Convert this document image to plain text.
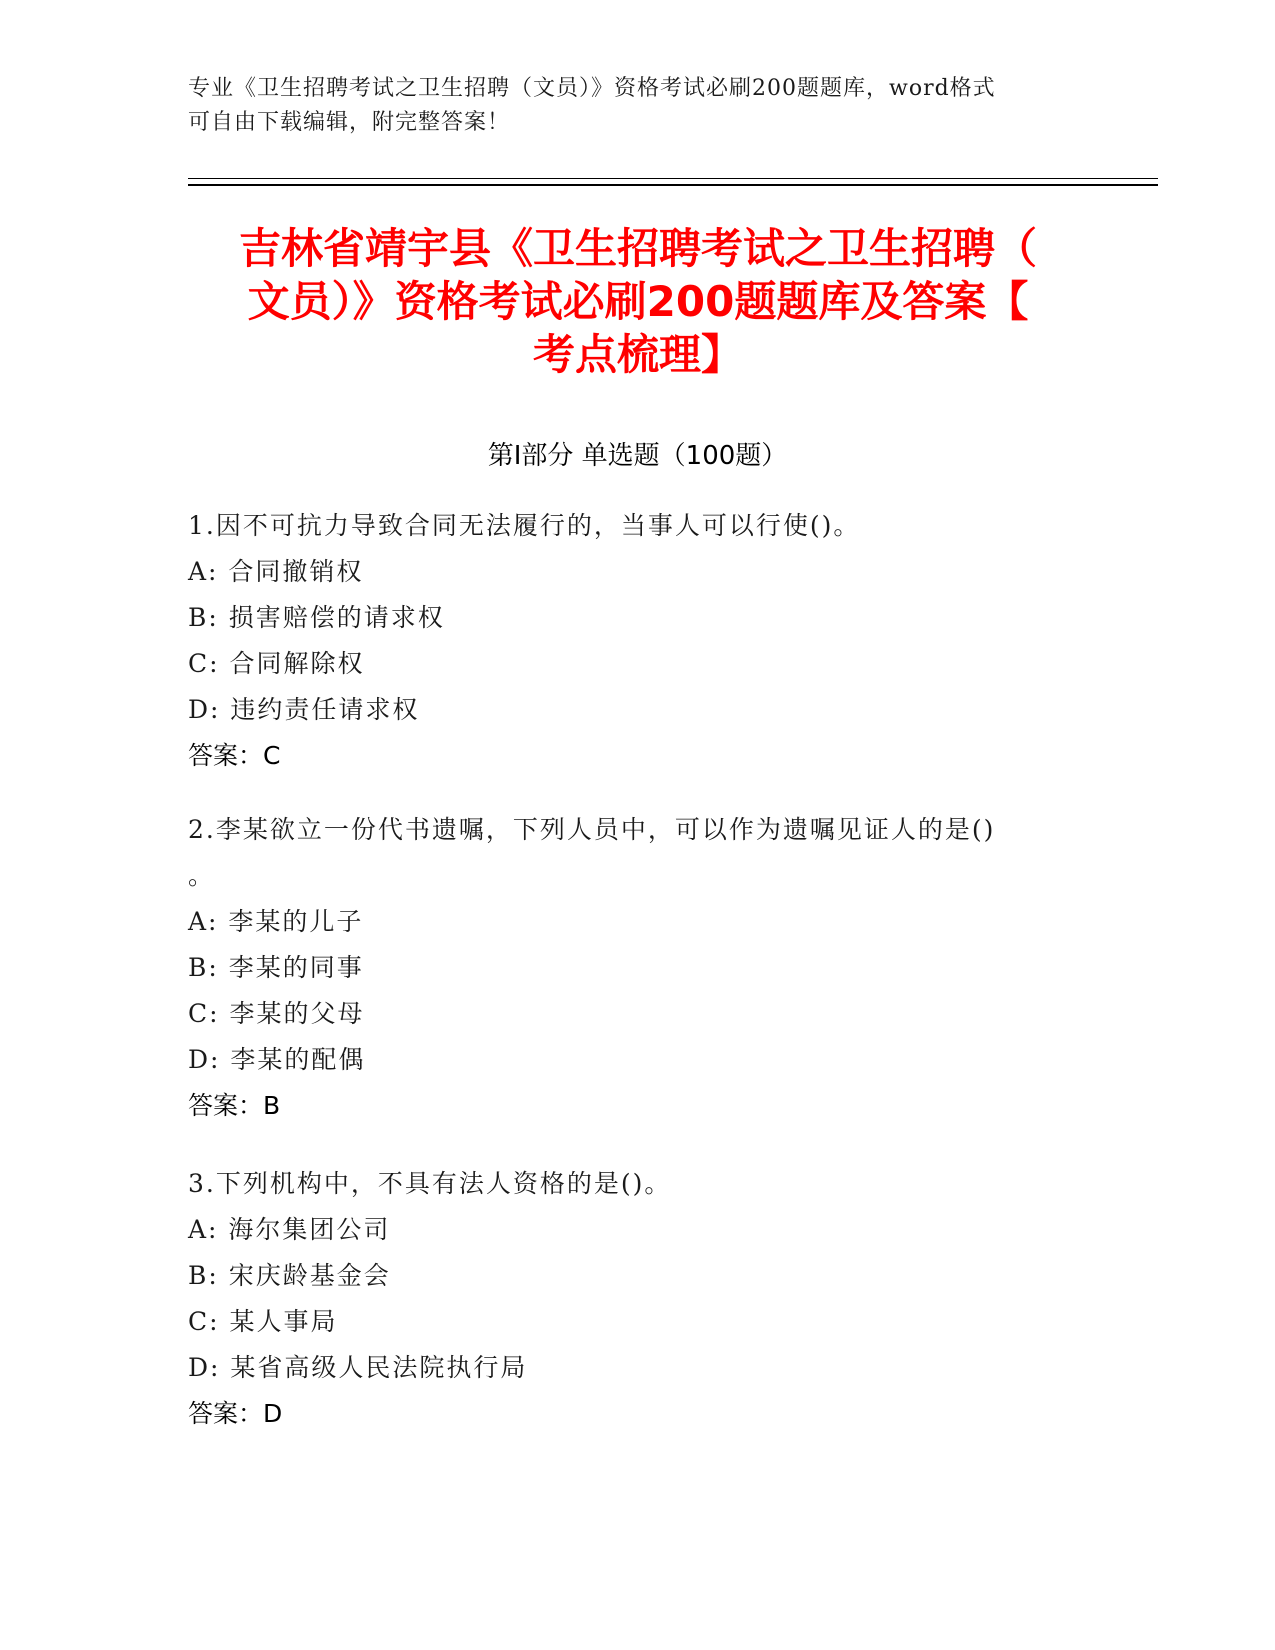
专业《卫生招聘考试之卫生招聘（文员）》资格考试必刷200题题库，word格式

可自由下载编辑，附完整答案！

吉林省靖宇县《卫生招聘考试之卫生招聘（
文员）》资格考试必刷200题题库及答案【
考点梳理】
第Ⅰ部分 单选题（100题）

1.因不可抗力导致合同无法履行的，当事人可以行使()。

A: 合同撤销权

B: 损害赔偿的请求权

C: 合同解除权

D: 违约责任请求权

答案：C

2.李某欲立一份代书遗嘱，下列人员中，可以作为遗嘱见证人的是()

。

A: 李某的儿子

B: 李某的同事

C: 李某的父母

D: 李某的配偶

答案：B

3.下列机构中，不具有法人资格的是()。

A: 海尔集团公司

B: 宋庆龄基金会

C: 某人事局

D: 某省高级人民法院执行局

答案：D
